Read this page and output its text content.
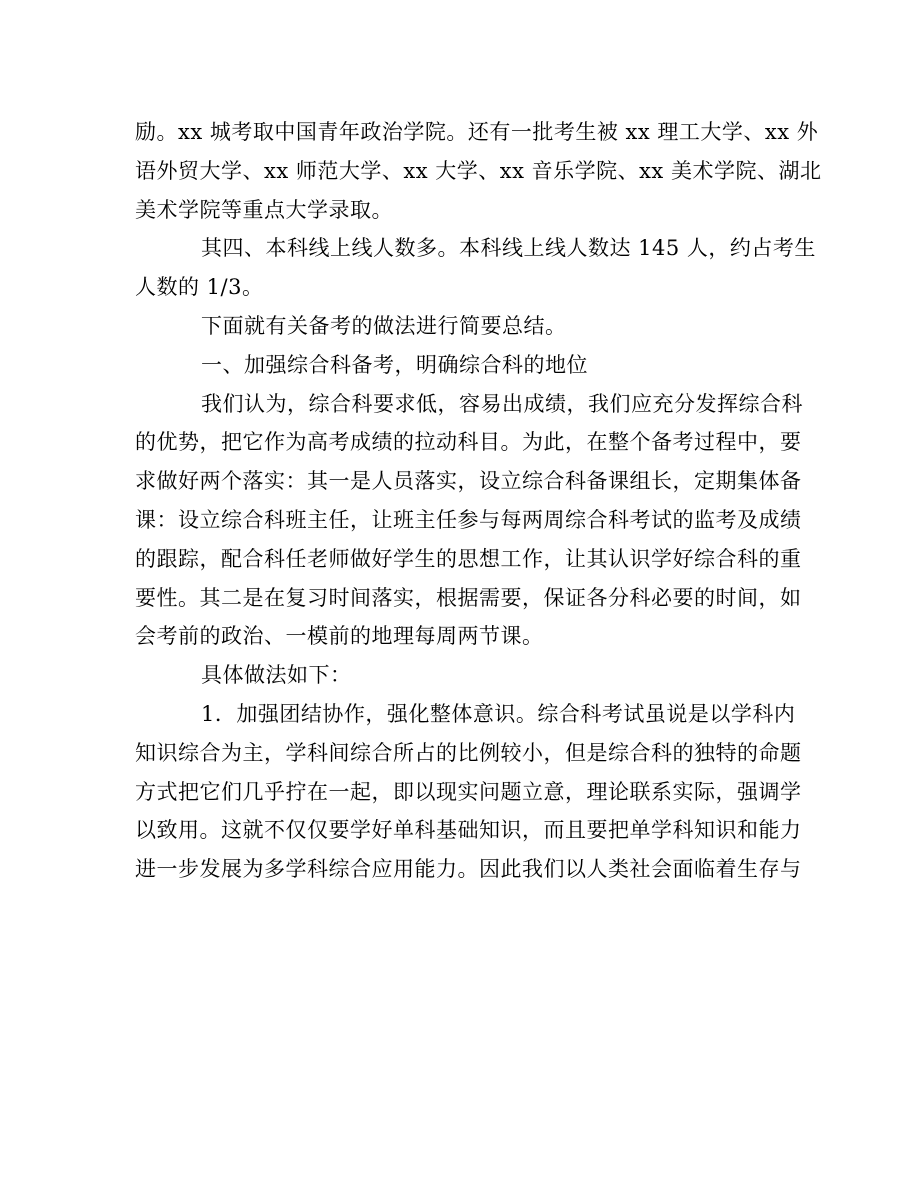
励。xx 城考取中国青年政治学院。还有一批考生被 xx 理工大学、xx 外
语外贸大学、xx 师范大学、xx 大学、xx 音乐学院、xx 美术学院、湖北
美术学院等重点大学录取。
其四、本科线上线人数多。本科线上线人数达 145 人，约占考生
人数的 1/3。
下面就有关备考的做法进行简要总结。
一、加强综合科备考，明确综合科的地位
我们认为，综合科要求低，容易出成绩，我们应充分发挥综合科
的优势，把它作为高考成绩的拉动科目。为此，在整个备考过程中，要
求做好两个落实：其一是人员落实，设立综合科备课组长，定期集体备
课：设立综合科班主任，让班主任参与每两周综合科考试的监考及成绩
的跟踪，配合科任老师做好学生的思想工作，让其认识学好综合科的重
要性。其二是在复习时间落实，根据需要，保证各分科必要的时间，如
会考前的政治、一模前的地理每周两节课。
具体做法如下：
1．加强团结协作，强化整体意识。综合科考试虽说是以学科内
知识综合为主，学科间综合所占的比例较小，但是综合科的独特的命题
方式把它们几乎拧在一起，即以现实问题立意，理论联系实际，强调学
以致用。这就不仅仅要学好单科基础知识，而且要把单学科知识和能力
进一步发展为多学科综合应用能力。因此我们以人类社会面临着生存与
